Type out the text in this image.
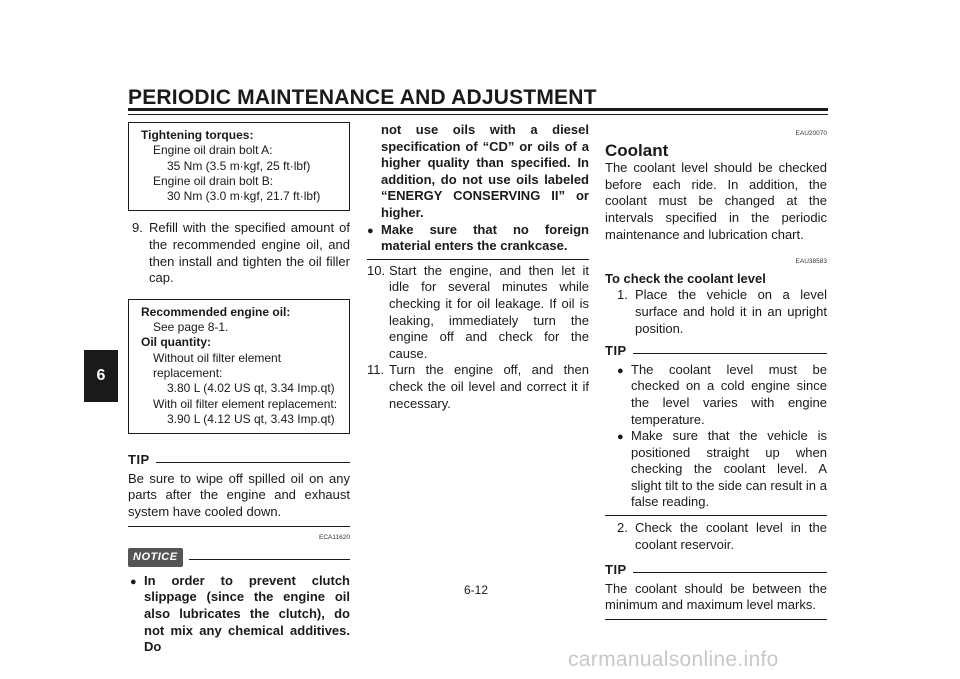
PERIODIC MAINTENANCE AND ADJUSTMENT
6
Tightening torques:
Engine oil drain bolt A:
35 Nm (3.5 m·kgf, 25 ft·lbf)
Engine oil drain bolt B:
30 Nm (3.0 m·kgf, 21.7 ft·lbf)
9. Refill with the specified amount of the recommended engine oil, and then install and tighten the oil filler cap.
Recommended engine oil:
See page 8-1.
Oil quantity:
Without oil filter element replacement:
3.80 L (4.02 US qt, 3.34 Imp.qt)
With oil filter element replacement:
3.90 L (4.12 US qt, 3.43 Imp.qt)
TIP
Be sure to wipe off spilled oil on any parts after the engine and exhaust system have cooled down.
ECA11620
NOTICE
● In order to prevent clutch slippage (since the engine oil also lubricates the clutch), do not mix any chemical additives. Do
not use oils with a diesel specification of “CD” or oils of a higher quality than specified. In addition, do not use oils labeled “ENERGY CONSERVING II” or higher.
● Make sure that no foreign material enters the crankcase.
10. Start the engine, and then let it idle for several minutes while checking it for oil leakage. If oil is leaking, immediately turn the engine off and check for the cause.
11. Turn the engine off, and then check the oil level and correct it if necessary.
EAU20070
Coolant
The coolant level should be checked before each ride. In addition, the coolant must be changed at the intervals specified in the periodic maintenance and lubrication chart.
EAU38583
To check the coolant level
1. Place the vehicle on a level surface and hold it in an upright position.
TIP
● The coolant level must be checked on a cold engine since the level varies with engine temperature.
● Make sure that the vehicle is positioned straight up when checking the coolant level. A slight tilt to the side can result in a false reading.
2. Check the coolant level in the coolant reservoir.
TIP
The coolant should be between the minimum and maximum level marks.
6-12
carmanualsonline.info
